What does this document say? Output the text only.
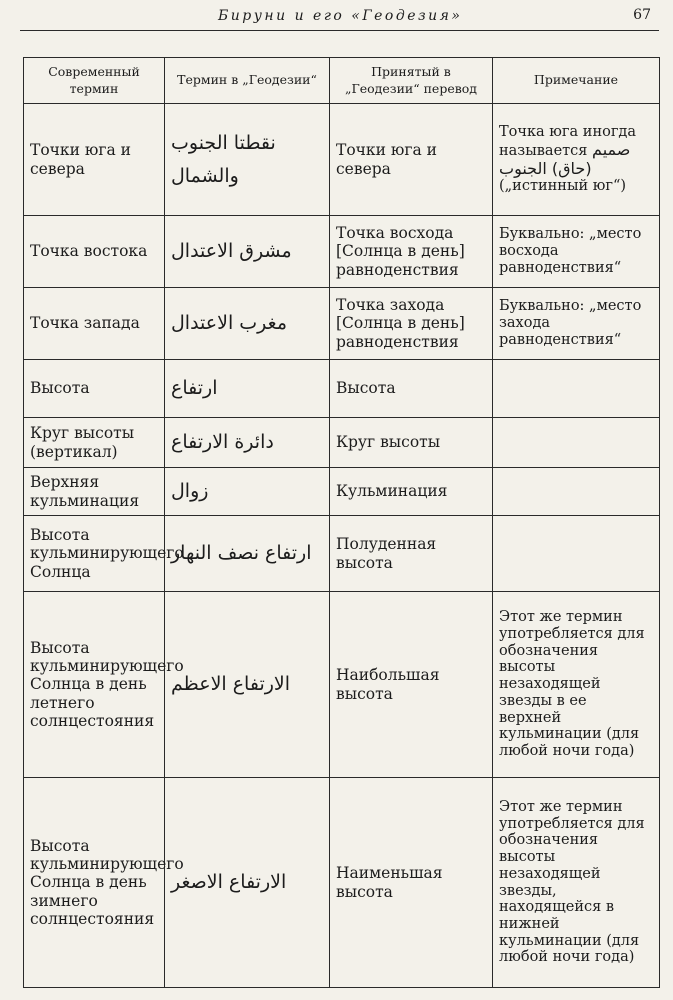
Бируни и его «Геодезия»	67
Современный термин	Термин в „Геодезии“	Принятый в „Геодезии“ перевод	Примечание
Точки юга и севера	نقطتا الجنوب والشمال	Точки юга и севера	Точка юга иногда называется صميم (حاق) الجنوب („истинный юг“)
Точка востока	مشرق الاعتدال	Точка восхода [Солнца в день] равноденствия	Буквально: „место восхода равноденствия“
Точка запада	مغرب الاعتدال	Точка захода [Солнца в день] равноденствия	Буквально: „место захода равноденствия“
Высота	ارتفاع	Высота	
Круг высоты (вертикал)	دائرة الارتفاع	Круг высоты	
Верхняя кульминация	زوال	Кульминация	
Высота кульминирующего Солнца	ارتفاع نصف النهار	Полуденная высота	
Высота кульминирующего Солнца в день летнего солнцестояния	الارتفاع الاعظم	Наибольшая высота	Этот же термин употребляется для обозначения высоты незаходящей звезды в ее верхней кульминации (для любой ночи года)
Высота кульминирующего Солнца в день зимнего солнцестояния	الارتفاع الاصغر	Наименьшая высота	Этот же термин употребляется для обозначения высоты незаходящей звезды, находящейся в нижней кульминации (для любой ночи года)
